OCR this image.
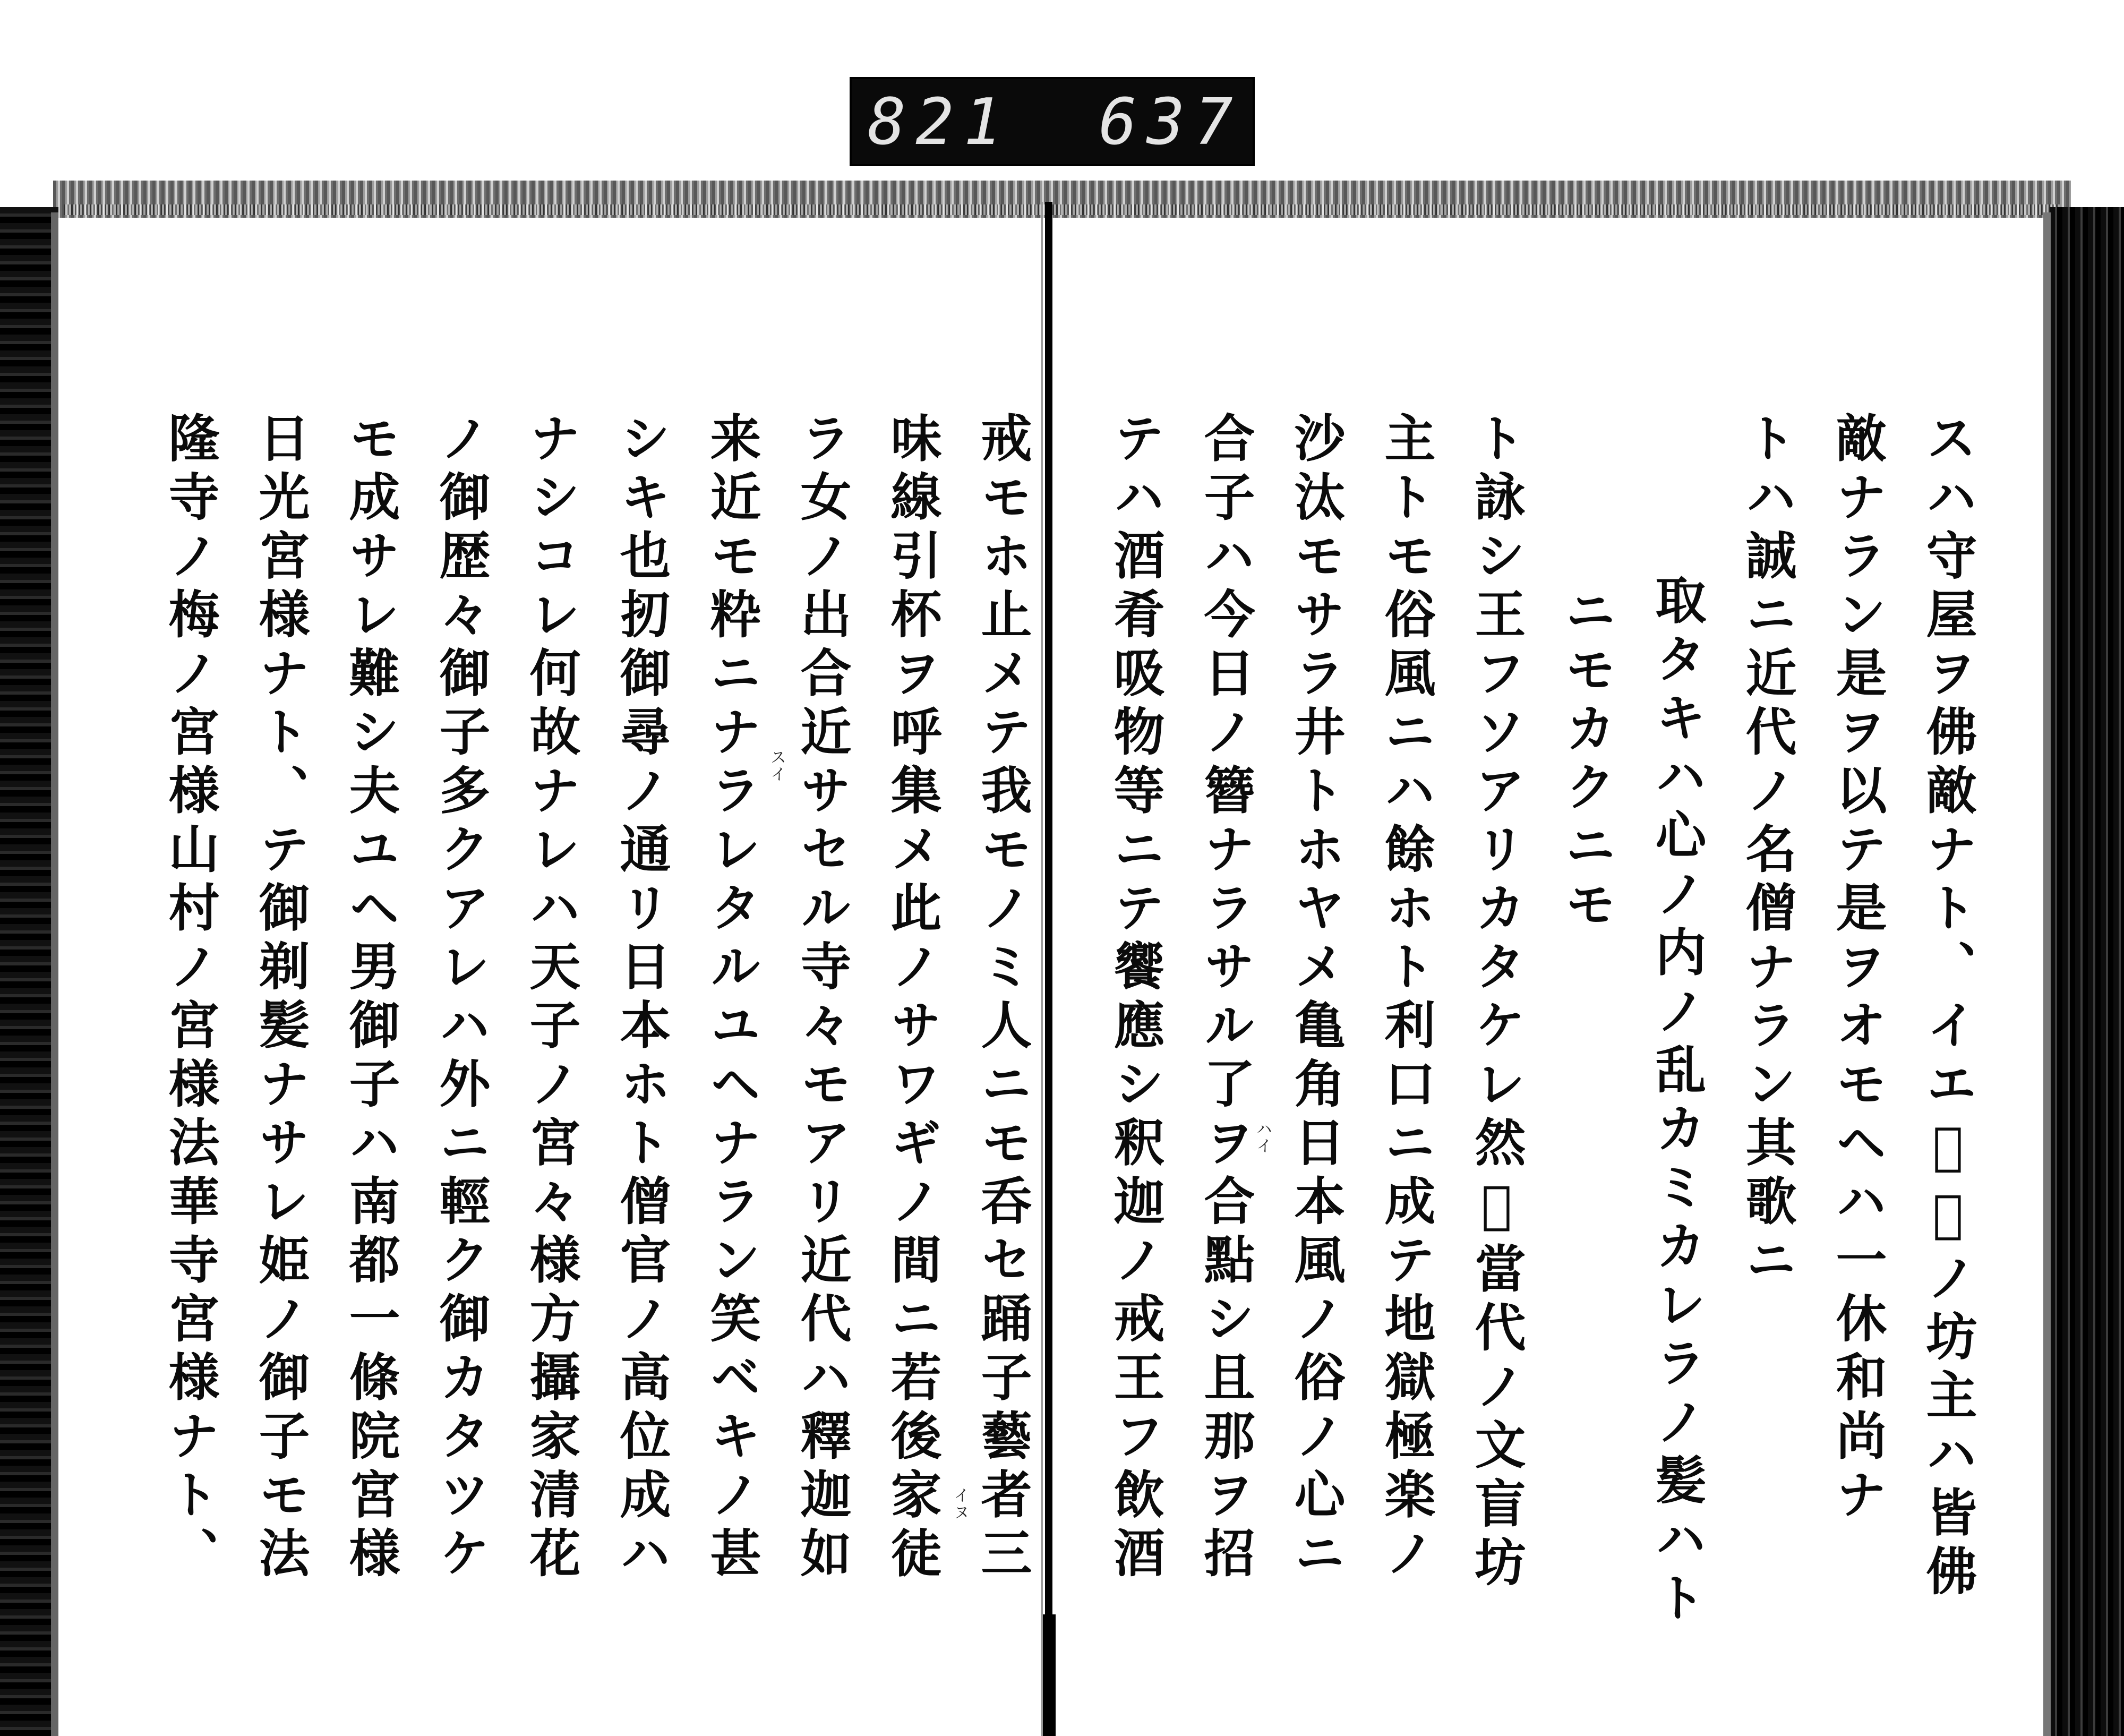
821 637
スハ守屋ヲ佛敵ナト、イエ𪜈今ノ坊主ハ皆佛
敵ナラン是ヲ以テ是ヲオモヘハ一休和尚ナ
トハ誠ニ近代ノ名僧ナラン其歌ニ
取タキハ心ノ内ノ乱カミカレラノ髪ハト
ニモカクニモ
ト詠シ王フソアリカタケレ然𪜈當代ノ文盲坊
主トモ俗風ニハ餘ホト利口ニ成テ地獄極楽ノ
沙汰モサラ井トホヤメ亀角日本風ノ俗ノ心ニ
合子ハ今日ノ簪ナラサル了ヲ合點シ且那ヲ招
テハ酒肴吸物等ニテ饗應シ釈迦ノ戒王フ飲酒
戒モホ止メテ我モノミ人ニモ呑セ踊子藝者三
味線引杯ヲ呼集メ此ノサワギノ間ニ若後家徒
ラ女ノ出合近サセル寺々モアリ近代ハ釋迦如
来近モ粋ニナラレタルユヘナラン笑ベキノ甚
シキ也扨御尋ノ通リ日本ホト僧官ノ高位成ハ
ナシコレ何故ナレハ天子ノ宮々様方攝家清花
ノ御歴々御子多クアレハ外ニ輕ク御カタツケ
モ成サレ難シ夫ユヘ男御子ハ南都一條院宮様
日光宮様ナト、テ御剃髪ナサレ姫ノ御子モ法
隆寺ノ梅ノ宮様山村ノ宮様法華寺宮様ナト、	ハイ
イヌ
スイ
